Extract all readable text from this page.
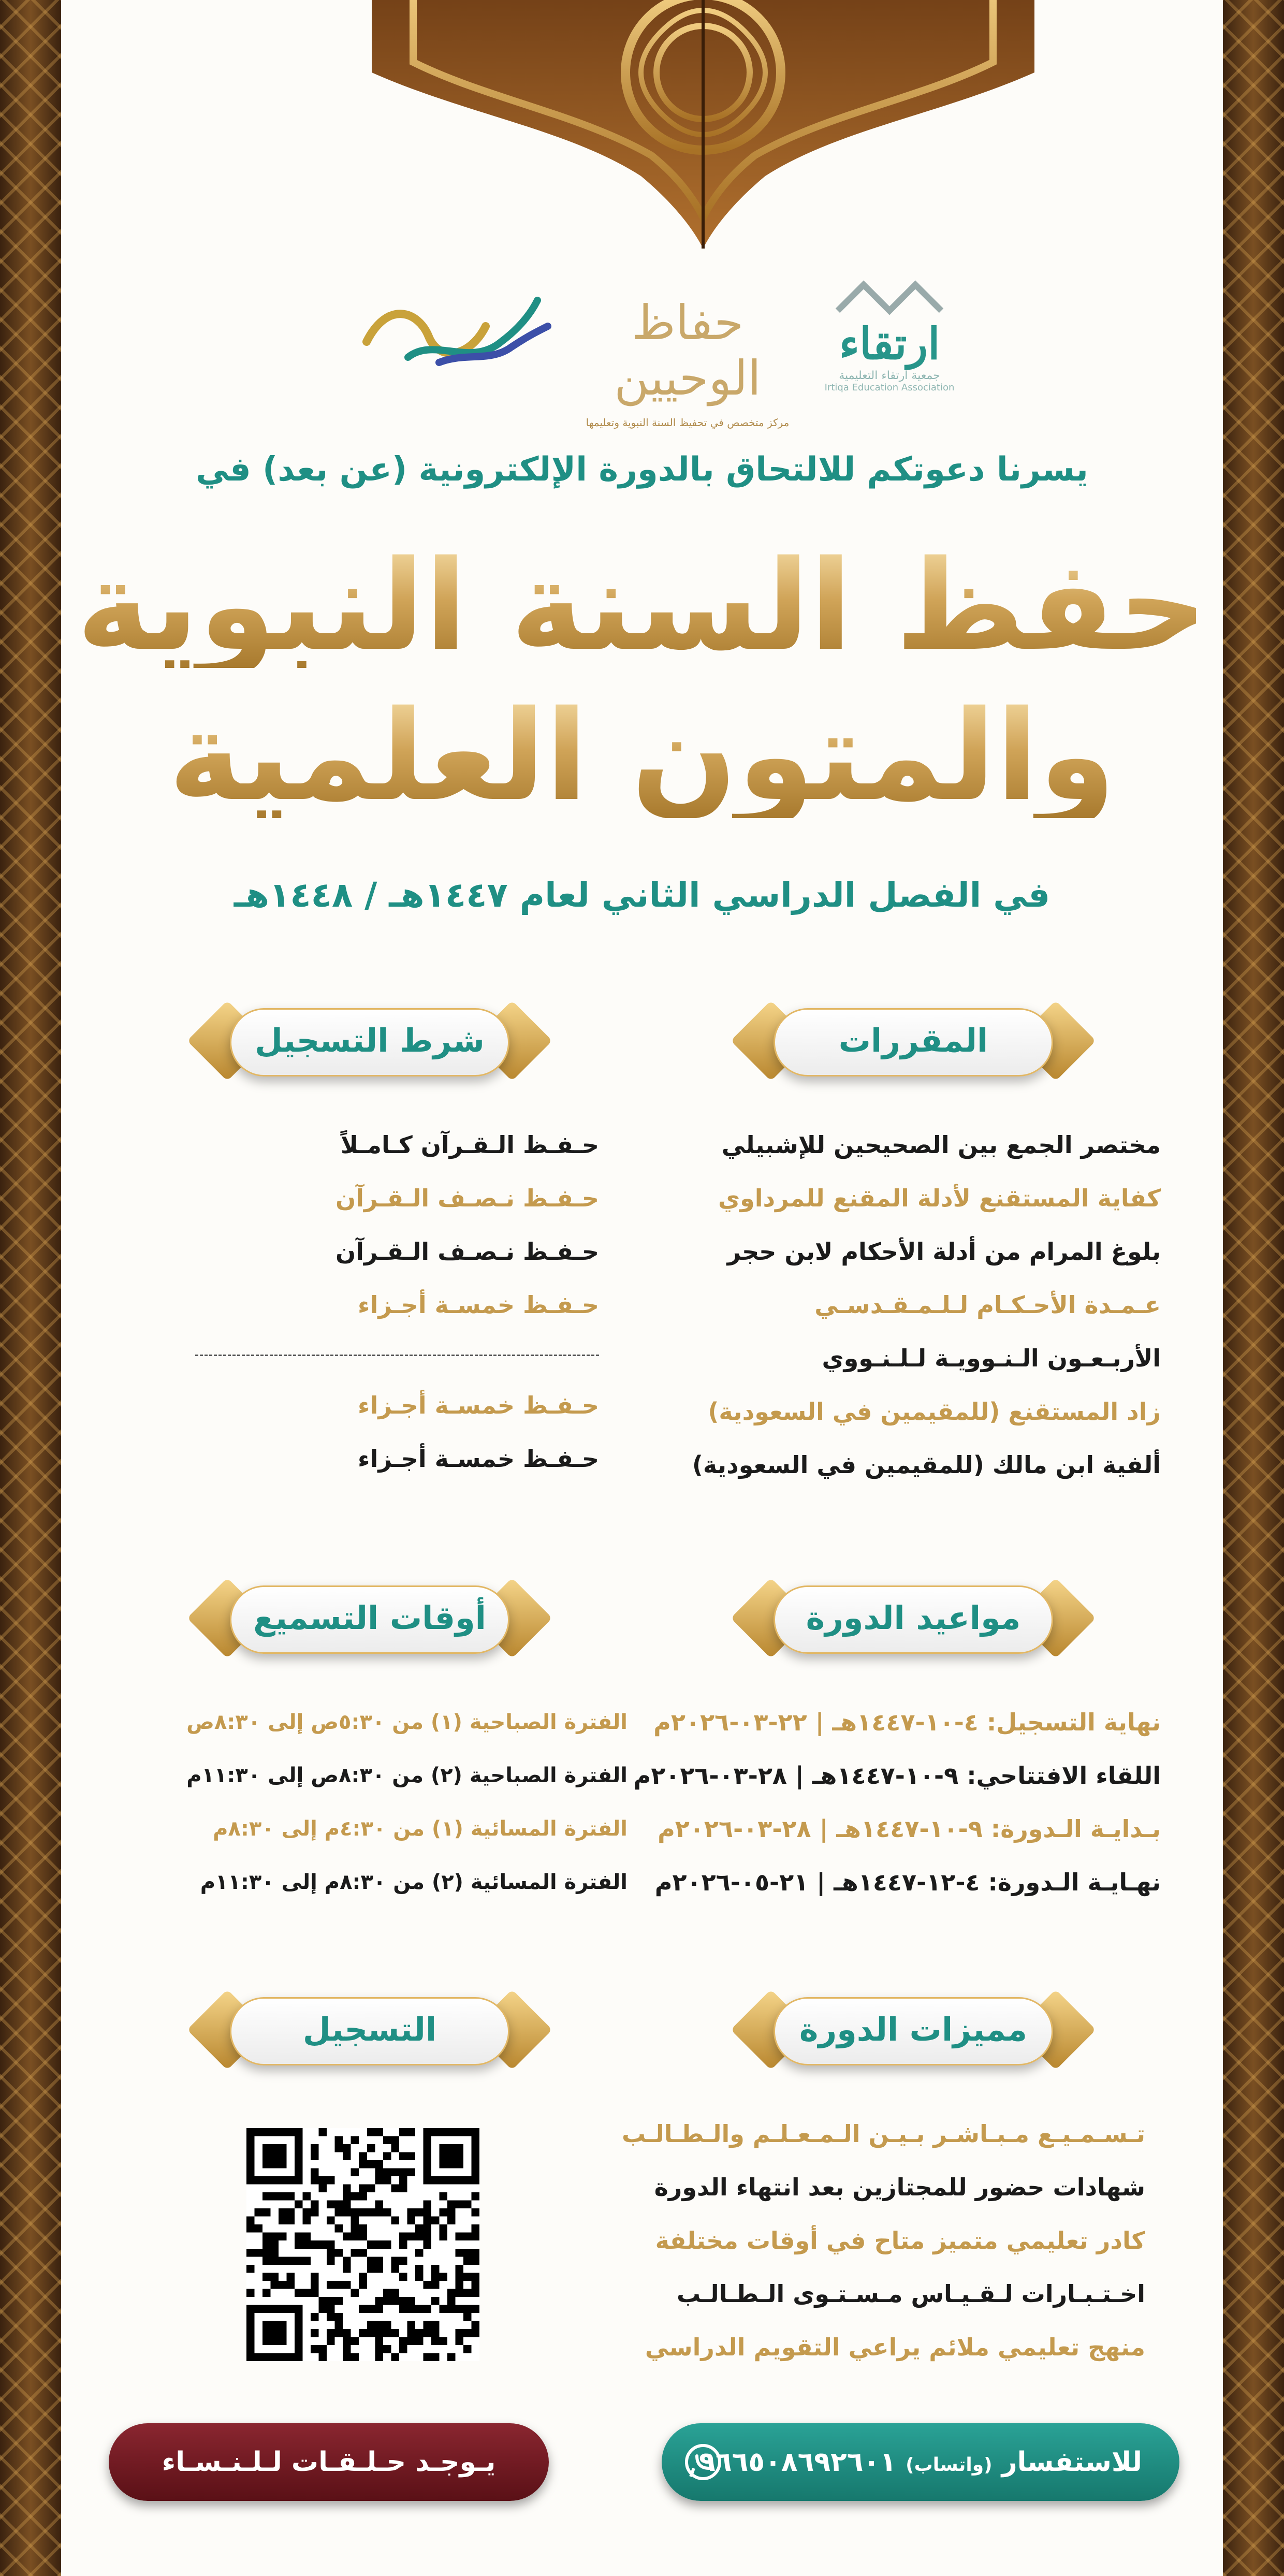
ارتقاء
جمعية ارتقاء التعليمية
Irtiqa Education Association
حفاظ الوحيين
مركز متخصص في تحفيظ السنة النبوية وتعليمها
يسرنا دعوتكم للالتحاق بالدورة الإلكترونية (عن بعد) في
حفظ السنة النبوية
والمتون العلمية
في الفصل الدراسي الثاني لعام ١٤٤٧هـ / ١٤٤٨هـ
المقررات
شرط التسجيل
مختصر الجمع بين الصحيحين للإشبيلي
كفاية المستقنع لأدلة المقنع للمرداوي
بلوغ المرام من أدلة الأحكام لابن حجر
عـمـدة الأحـكـام لـلـمـقـدسـي
الأربـعـون الـنـوويـة لـلـنـووي
زاد المستقنع (للمقيمين في السعودية)
ألفية ابن مالك (للمقيمين في السعودية)
حـفـظ الـقـرآن كـامـلاً
حـفـظ نـصـف الـقـرآن
حـفـظ نـصـف الـقـرآن
حـفـظ خمسـة أجـزاء
حـفـظ خمسـة أجـزاء
حـفـظ خمسـة أجـزاء
مواعيد الدورة
أوقات التسميع
نهاية التسجيل: ٤-١٠-١٤٤٧هـ | ٢٢-٠٣-٢٠٢٦م
اللقاء الافتتاحي: ٩-١٠-١٤٤٧هـ | ٢٨-٠٣-٢٠٢٦م
بـدايـة الـدورة: ٩-١٠-١٤٤٧هـ | ٢٨-٠٣-٢٠٢٦م
نهـايـة الـدورة: ٤-١٢-١٤٤٧هـ | ٢١-٠٥-٢٠٢٦م
الفترة الصباحية (١) من ٥:٣٠ص إلى ٨:٣٠ص
الفترة الصباحية (٢) من ٨:٣٠ص إلى ١١:٣٠م
الفترة المسائية (١) من ٤:٣٠م إلى ٨:٣٠م
الفترة المسائية (٢) من ٨:٣٠م إلى ١١:٣٠م
مميزات الدورة
التسجيل
تـسـمـيـع مـبـاشـر بـيـن الـمـعـلـم والـطـالـب
شهادات حضور للمجتازين بعد انتهاء الدورة
كادر تعليمي متميز متاح في أوقات مختلفة
اخـتـبـارات لـقـيـاس مـسـتـوى الـطـالـب
منهج تعليمي ملائم يراعي التقويم الدراسي
للاستفسار (واتساب) ٩٦٦٥٠٨٦٩٢٦٠١
يـوجـد حـلـقـات لـلـنـسـاء
